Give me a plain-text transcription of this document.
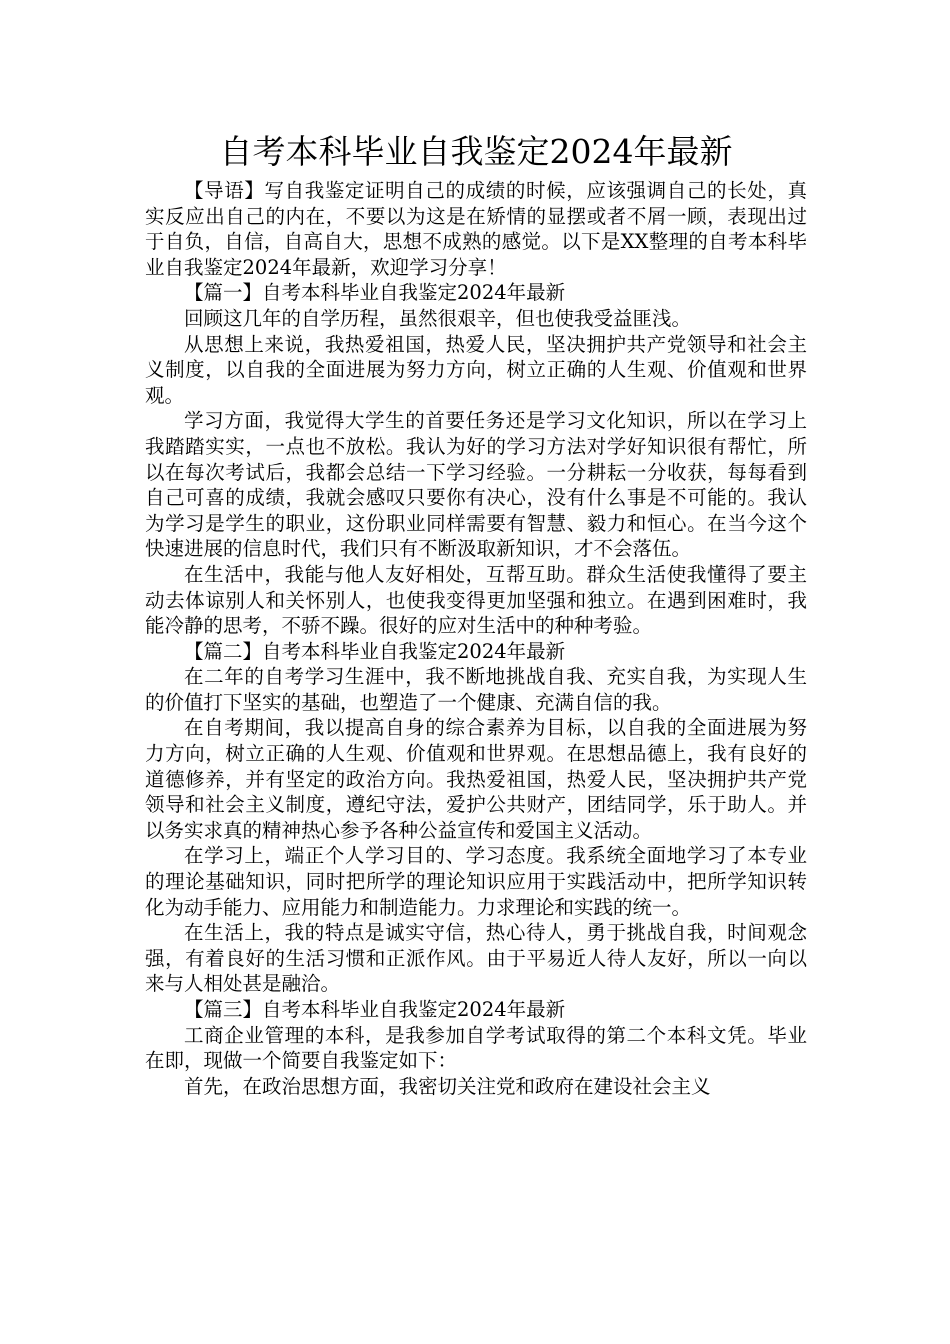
自考本科毕业自我鉴定2024年最新

【导语】写自我鉴定证明自己的成绩的时候，应该强调自己的长处，真实反应出自己的内在，不要以为这是在矫情的显摆或者不屑一顾，表现出过于自负，自信，自高自大，思想不成熟的感觉。以下是XX整理的自考本科毕业自我鉴定2024年最新，欢迎学习分享！

【篇一】自考本科毕业自我鉴定2024年最新

回顾这几年的自学历程，虽然很艰辛，但也使我受益匪浅。

从思想上来说，我热爱祖国，热爱人民，坚决拥护共产党领导和社会主义制度，以自我的全面进展为努力方向，树立正确的人生观、价值观和世界观。

学习方面，我觉得大学生的首要任务还是学习文化知识，所以在学习上我踏踏实实，一点也不放松。我认为好的学习方法对学好知识很有帮忙，所以在每次考试后，我都会总结一下学习经验。一分耕耘一分收获，每每看到自己可喜的成绩，我就会感叹只要你有决心，没有什么事是不可能的。我认为学习是学生的职业，这份职业同样需要有智慧、毅力和恒心。在当今这个快速进展的信息时代，我们只有不断汲取新知识，才不会落伍。

在生活中，我能与他人友好相处，互帮互助。群众生活使我懂得了要主动去体谅别人和关怀别人，也使我变得更加坚强和独立。在遇到困难时，我能冷静的思考，不骄不躁。很好的应对生活中的种种考验。

【篇二】自考本科毕业自我鉴定2024年最新

在二年的自考学习生涯中，我不断地挑战自我、充实自我，为实现人生的价值打下坚实的基础，也塑造了一个健康、充满自信的我。

在自考期间，我以提高自身的综合素养为目标，以自我的全面进展为努力方向，树立正确的人生观、价值观和世界观。在思想品德上，我有良好的道德修养，并有坚定的政治方向。我热爱祖国，热爱人民，坚决拥护共产党领导和社会主义制度，遵纪守法，爱护公共财产，团结同学，乐于助人。并以务实求真的精神热心参予各种公益宣传和爱国主义活动。

在学习上，端正个人学习目的、学习态度。我系统全面地学习了本专业的理论基础知识，同时把所学的理论知识应用于实践活动中，把所学知识转化为动手能力、应用能力和制造能力。力求理论和实践的统一。

在生活上，我的特点是诚实守信，热心待人，勇于挑战自我，时间观念强，有着良好的生活习惯和正派作风。由于平易近人待人友好，所以一向以来与人相处甚是融洽。

【篇三】自考本科毕业自我鉴定2024年最新

工商企业管理的本科，是我参加自学考试取得的第二个本科文凭。毕业在即，现做一个简要自我鉴定如下：

首先，在政治思想方面，我密切关注党和政府在建设社会主义
